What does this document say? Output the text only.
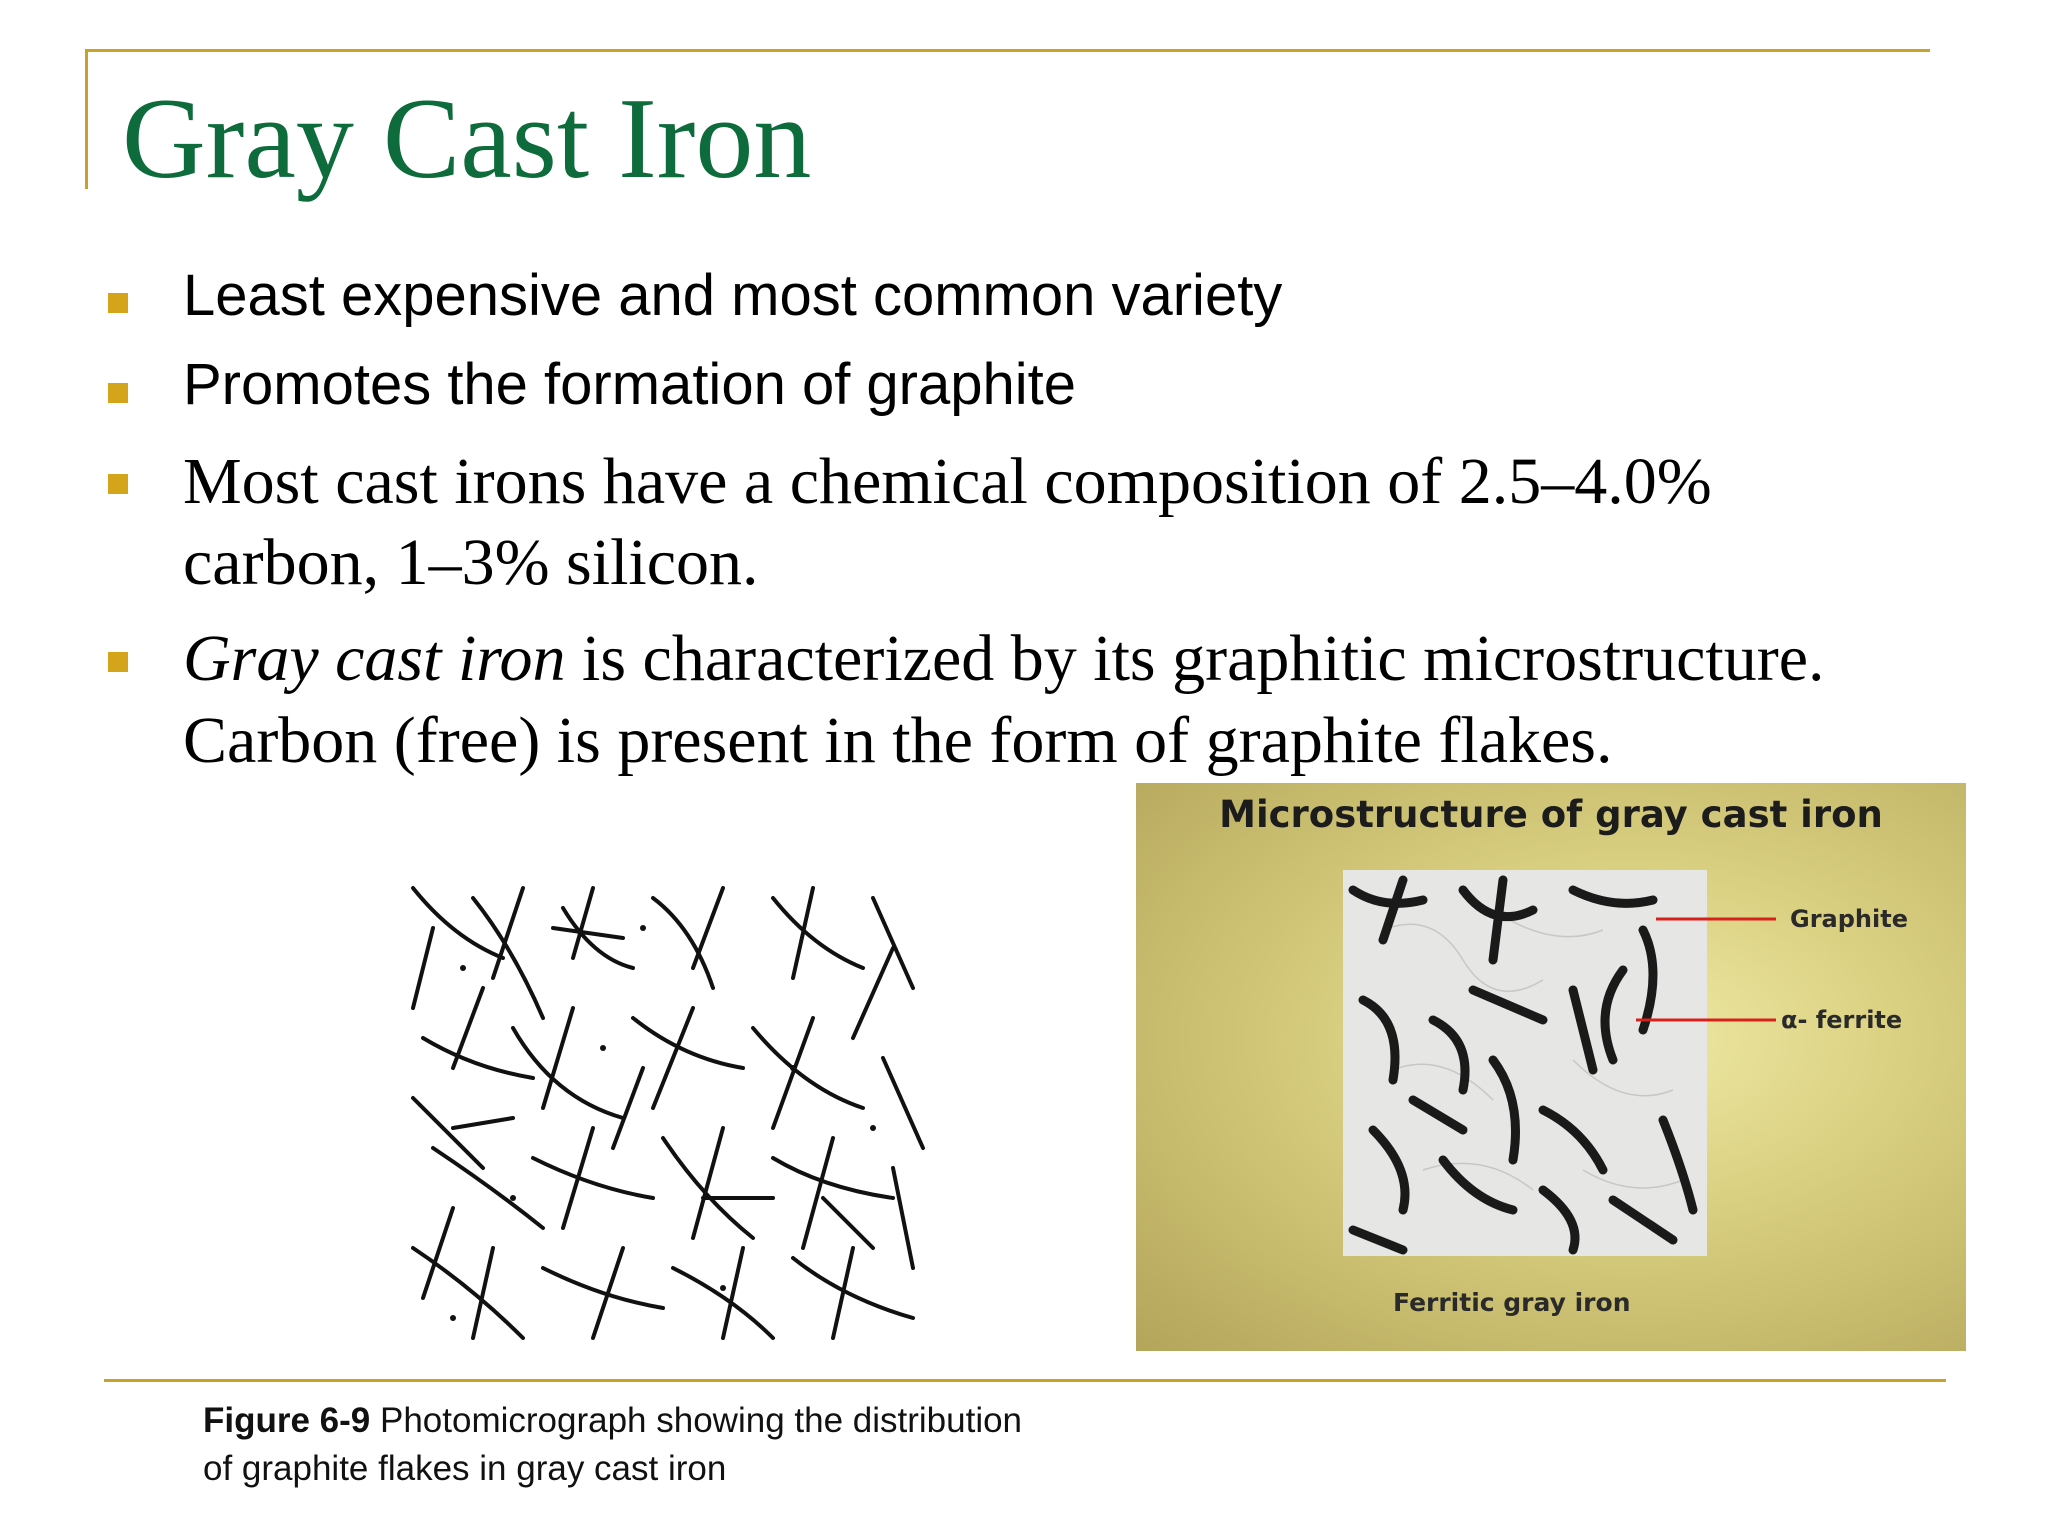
Gray Cast Iron
Least expensive and most common variety
Promotes the formation of graphite
Most cast irons have a chemical composition of 2.5–4.0%
carbon, 1–3% silicon.
Gray cast iron is characterized by its graphitic microstructure.
Carbon (free) is present in the form of graphite flakes.
Microstructure of gray cast iron
Graphite
α- ferrite
Ferritic gray iron
Figure 6-9 Photomicrograph showing the distribution
of graphite flakes in gray cast iron
